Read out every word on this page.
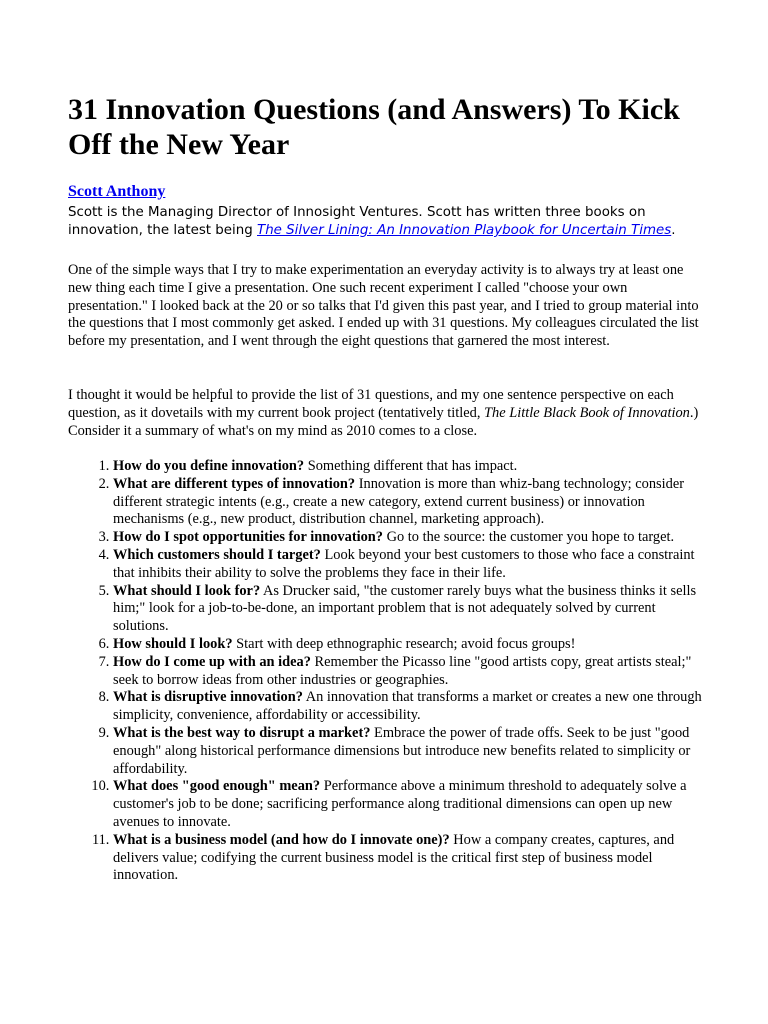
31 Innovation Questions (and Answers) To Kick Off the New Year
Scott Anthony

Scott is the Managing Director of Innosight Ventures. Scott has written three books on innovation, the latest being The Silver Lining: An Innovation Playbook for Uncertain Times.

One of the simple ways that I try to make experimentation an everyday activity is to always try at least one new thing each time I give a presentation. One such recent experiment I called "choose your own presentation." I looked back at the 20 or so talks that I'd given this past year, and I tried to group material into the questions that I most commonly get asked. I ended up with 31 questions. My colleagues circulated the list before my presentation, and I went through the eight questions that garnered the most interest.

I thought it would be helpful to provide the list of 31 questions, and my one sentence perspective on each question, as it dovetails with my current book project (tentatively titled, The Little Black Book of Innovation.) Consider it a summary of what's on my mind as 2010 comes to a close.

1. How do you define innovation? Something different that has impact.
2. What are different types of innovation? Innovation is more than whiz-bang technology; consider different strategic intents (e.g., create a new category, extend current business) or innovation mechanisms (e.g., new product, distribution channel, marketing approach).
3. How do I spot opportunities for innovation? Go to the source: the customer you hope to target.
4. Which customers should I target? Look beyond your best customers to those who face a constraint that inhibits their ability to solve the problems they face in their life.
5. What should I look for? As Drucker said, "the customer rarely buys what the business thinks it sells him;" look for a job-to-be-done, an important problem that is not adequately solved by current solutions.
6. How should I look? Start with deep ethnographic research; avoid focus groups!
7. How do I come up with an idea? Remember the Picasso line "good artists copy, great artists steal;" seek to borrow ideas from other industries or geographies.
8. What is disruptive innovation? An innovation that transforms a market or creates a new one through simplicity, convenience, affordability or accessibility.
9. What is the best way to disrupt a market? Embrace the power of trade offs. Seek to be just "good enough" along historical performance dimensions but introduce new benefits related to simplicity or affordability.
10. What does "good enough" mean? Performance above a minimum threshold to adequately solve a customer's job to be done; sacrificing performance along traditional dimensions can open up new avenues to innovate.
11. What is a business model (and how do I innovate one)? How a company creates, captures, and delivers value; codifying the current business model is the critical first step of business model innovation.
